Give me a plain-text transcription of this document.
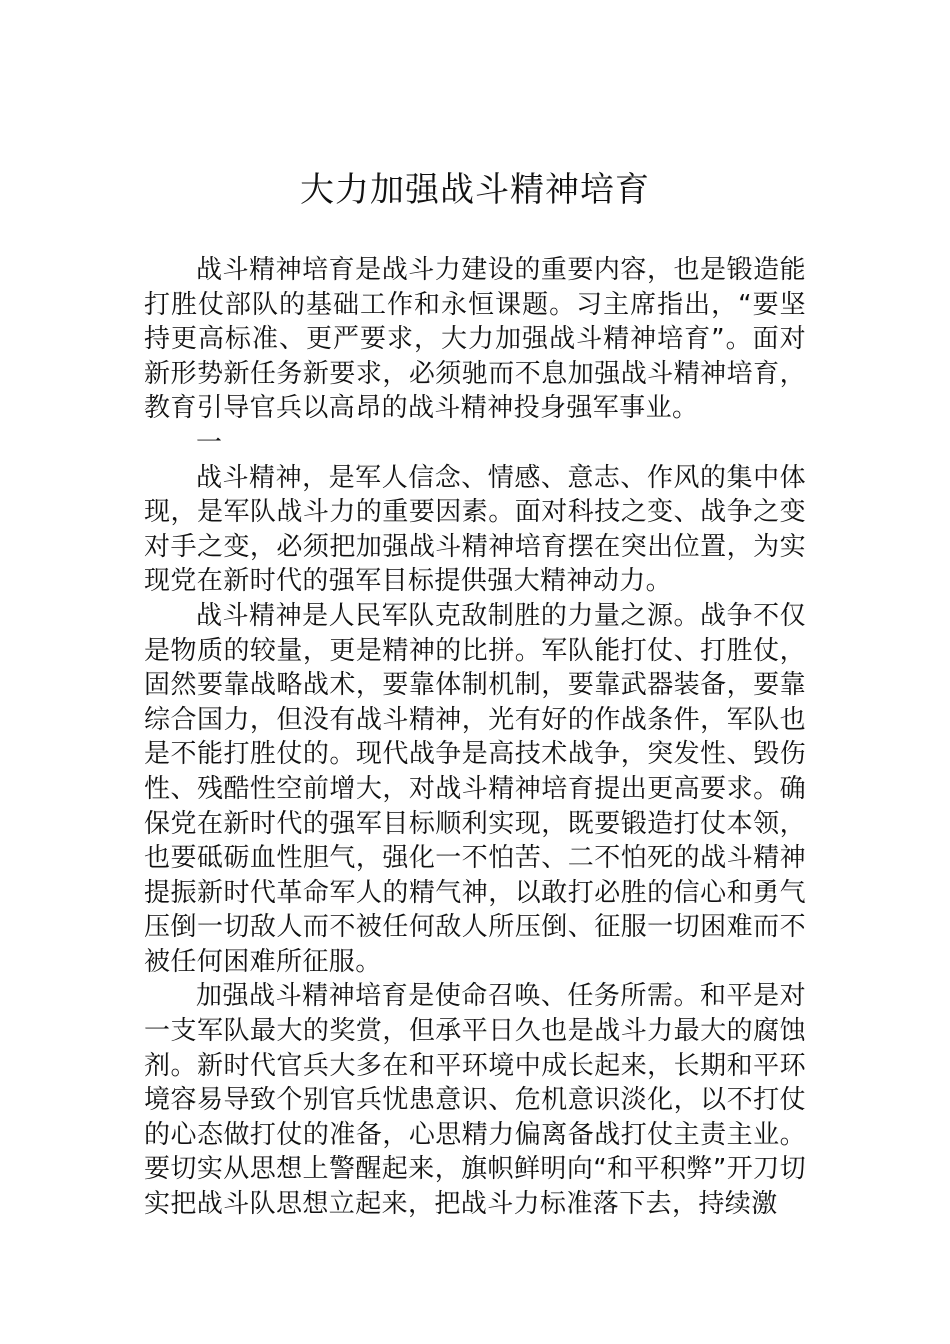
大力加强战斗精神培育

战斗精神培育是战斗力建设的重要内容，也是锻造能打胜仗部队的基础工作和永恒课题。习主席指出，“要坚持更高标准、更严要求，大力加强战斗精神培育”。面对新形势新任务新要求，必须驰而不息加强战斗精神培育，教育引导官兵以高昂的战斗精神投身强军事业。

一

战斗精神，是军人信念、情感、意志、作风的集中体现，是军队战斗力的重要因素。面对科技之变、战争之变对手之变，必须把加强战斗精神培育摆在突出位置，为实现党在新时代的强军目标提供强大精神动力。

战斗精神是人民军队克敌制胜的力量之源。战争不仅是物质的较量，更是精神的比拼。军队能打仗、打胜仗，固然要靠战略战术，要靠体制机制，要靠武器装备，要靠综合国力，但没有战斗精神，光有好的作战条件，军队也是不能打胜仗的。现代战争是高技术战争，突发性、毁伤性、残酷性空前增大，对战斗精神培育提出更高要求。确保党在新时代的强军目标顺利实现，既要锻造打仗本领，也要砥砺血性胆气，强化一不怕苦、二不怕死的战斗精神提振新时代革命军人的精气神，以敢打必胜的信心和勇气压倒一切敌人而不被任何敌人所压倒、征服一切困难而不被任何困难所征服。

加强战斗精神培育是使命召唤、任务所需。和平是对一支军队最大的奖赏，但承平日久也是战斗力最大的腐蚀剂。新时代官兵大多在和平环境中成长起来，长期和平环境容易导致个别官兵忧患意识、危机意识淡化，以不打仗的心态做打仗的准备，心思精力偏离备战打仗主责主业。要切实从思想上警醒起来，旗帜鲜明向“和平积弊”开刀切实把战斗队思想立起来，把战斗力标准落下去，持续激
